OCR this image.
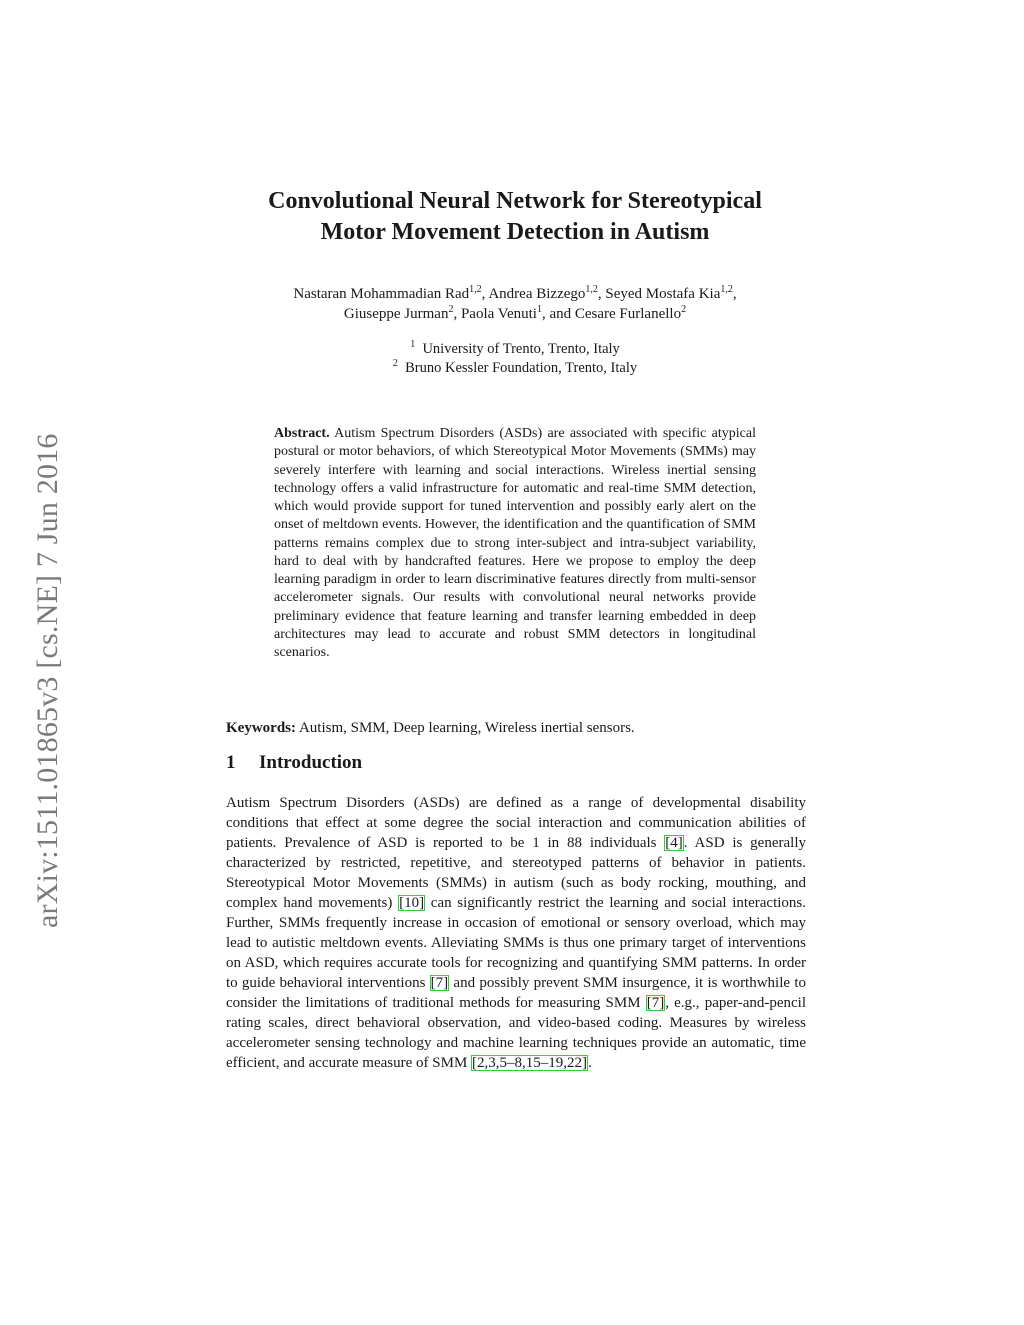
arXiv:1511.01865v3 [cs.NE] 7 Jun 2016
Convolutional Neural Network for Stereotypical
Motor Movement Detection in Autism
Nastaran Mohammadian Rad$^{1,2}$, Andrea Bizzego$^{1,2}$, Seyed Mostafa Kia$^{1,2}$,
Giuseppe Jurman$^2$, Paola Venuti$^1$, and Cesare Furlanello$^2$
$^1$ University of Trento, Trento, Italy
$^2$ Bruno Kessler Foundation, Trento, Italy
Abstract. Autism Spectrum Disorders (ASDs) are associated with specific atypical postural or motor behaviors, of which Stereotypical Motor Movements (SMMs) may severely interfere with learning and social interactions. Wireless inertial sensing technology offers a valid infrastructure for automatic and real-time SMM detection, which would provide support for tuned intervention and possibly early alert on the onset of meltdown events. However, the identification and the quantification of SMM patterns remains complex due to strong inter-subject and intra-subject variability, hard to deal with by handcrafted features. Here we propose to employ the deep learning paradigm in order to learn discriminative features directly from multi-sensor accelerometer signals. Our results with convolutional neural networks provide preliminary evidence that feature learning and transfer learning embedded in deep architectures may lead to accurate and robust SMM detectors in longitudinal scenarios.
Keywords: Autism, SMM, Deep learning, Wireless inertial sensors.
1 Introduction
Autism Spectrum Disorders (ASDs) are defined as a range of developmental disability conditions that effect at some degree the social interaction and communication abilities of patients. Prevalence of ASD is reported to be 1 in 88 individuals [4]. ASD is generally characterized by restricted, repetitive, and stereotyped patterns of behavior in patients. Stereotypical Motor Movements (SMMs) in autism (such as body rocking, mouthing, and complex hand movements) [10] can significantly restrict the learning and social interactions. Further, SMMs frequently increase in occasion of emotional or sensory overload, which may lead to autistic meltdown events. Alleviating SMMs is thus one primary target of interventions on ASD, which requires accurate tools for recognizing and quantifying SMM patterns. In order to guide behavioral interventions [7] and possibly prevent SMM insurgence, it is worthwhile to consider the limitations of traditional methods for measuring SMM [7], e.g., paper-and-pencil rating scales, direct behavioral observation, and video-based coding. Measures by wireless accelerometer sensing technology and machine learning techniques provide an automatic, time efficient, and accurate measure of SMM [2,3,5–8,15–19,22].
